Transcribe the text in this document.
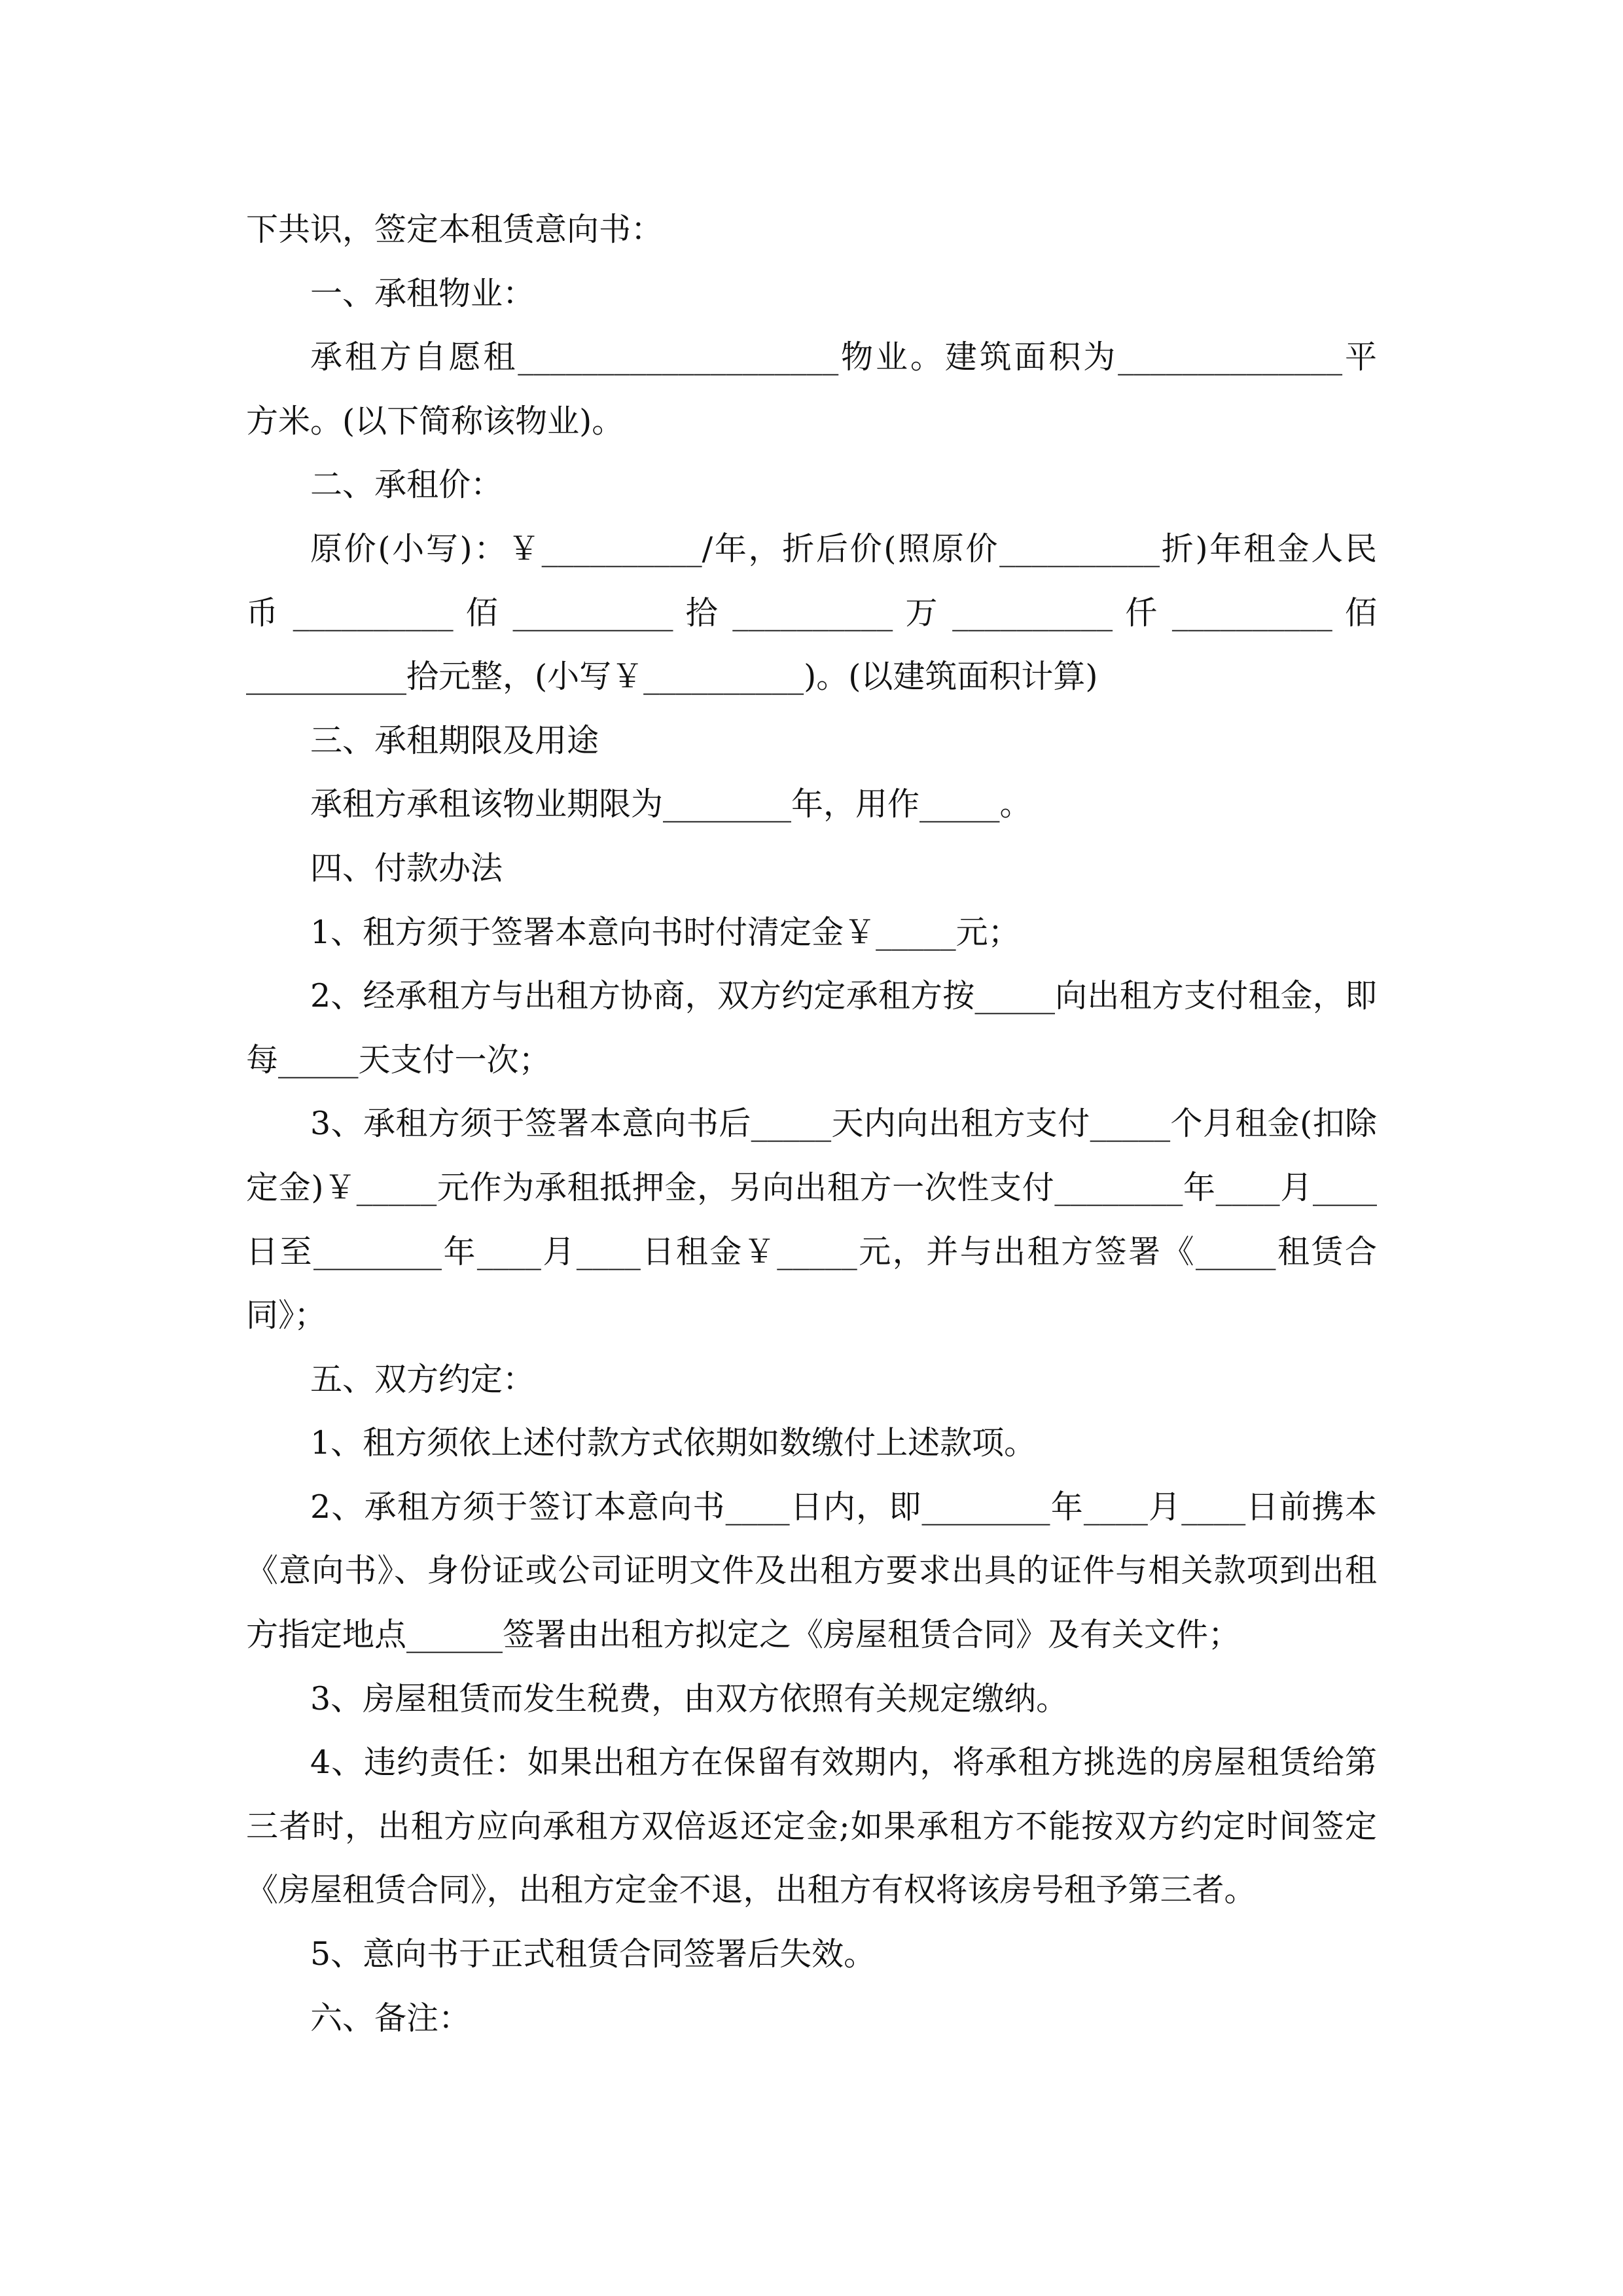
下共识，签定本租赁意向书：
一、承租物业：
承租方自愿租____________________物业。建筑面积为______________平
方米。(以下简称该物业)。
二、承租价：
原价(小写)：￥__________/年，折后价(照原价__________折)年租金人民
币 __________ 佰 __________ 拾 __________ 万 __________ 仟 __________ 佰
__________拾元整，(小写￥__________)。(以建筑面积计算)
三、承租期限及用途
承租方承租该物业期限为________年，用作_____。
四、付款办法
1、租方须于签署本意向书时付清定金￥_____元；
2、经承租方与出租方协商，双方约定承租方按_____向出租方支付租金，即
每_____天支付一次；
3、承租方须于签署本意向书后_____天内向出租方支付_____个月租金(扣除
定金)￥_____元作为承租抵押金，另向出租方一次性支付________年____月____
日至________年____月____日租金￥_____元，并与出租方签署《_____租赁合
同》；
五、双方约定：
1、租方须依上述付款方式依期如数缴付上述款项。
2、承租方须于签订本意向书____日内，即________年____月____日前携本
《意向书》、身份证或公司证明文件及出租方要求出具的证件与相关款项到出租
方指定地点______签署由出租方拟定之《房屋租赁合同》及有关文件；
3、房屋租赁而发生税费，由双方依照有关规定缴纳。
4、违约责任：如果出租方在保留有效期内，将承租方挑选的房屋租赁给第
三者时，出租方应向承租方双倍返还定金;如果承租方不能按双方约定时间签定
《房屋租赁合同》，出租方定金不退，出租方有权将该房号租予第三者。
5、意向书于正式租赁合同签署后失效。
六、备注：
